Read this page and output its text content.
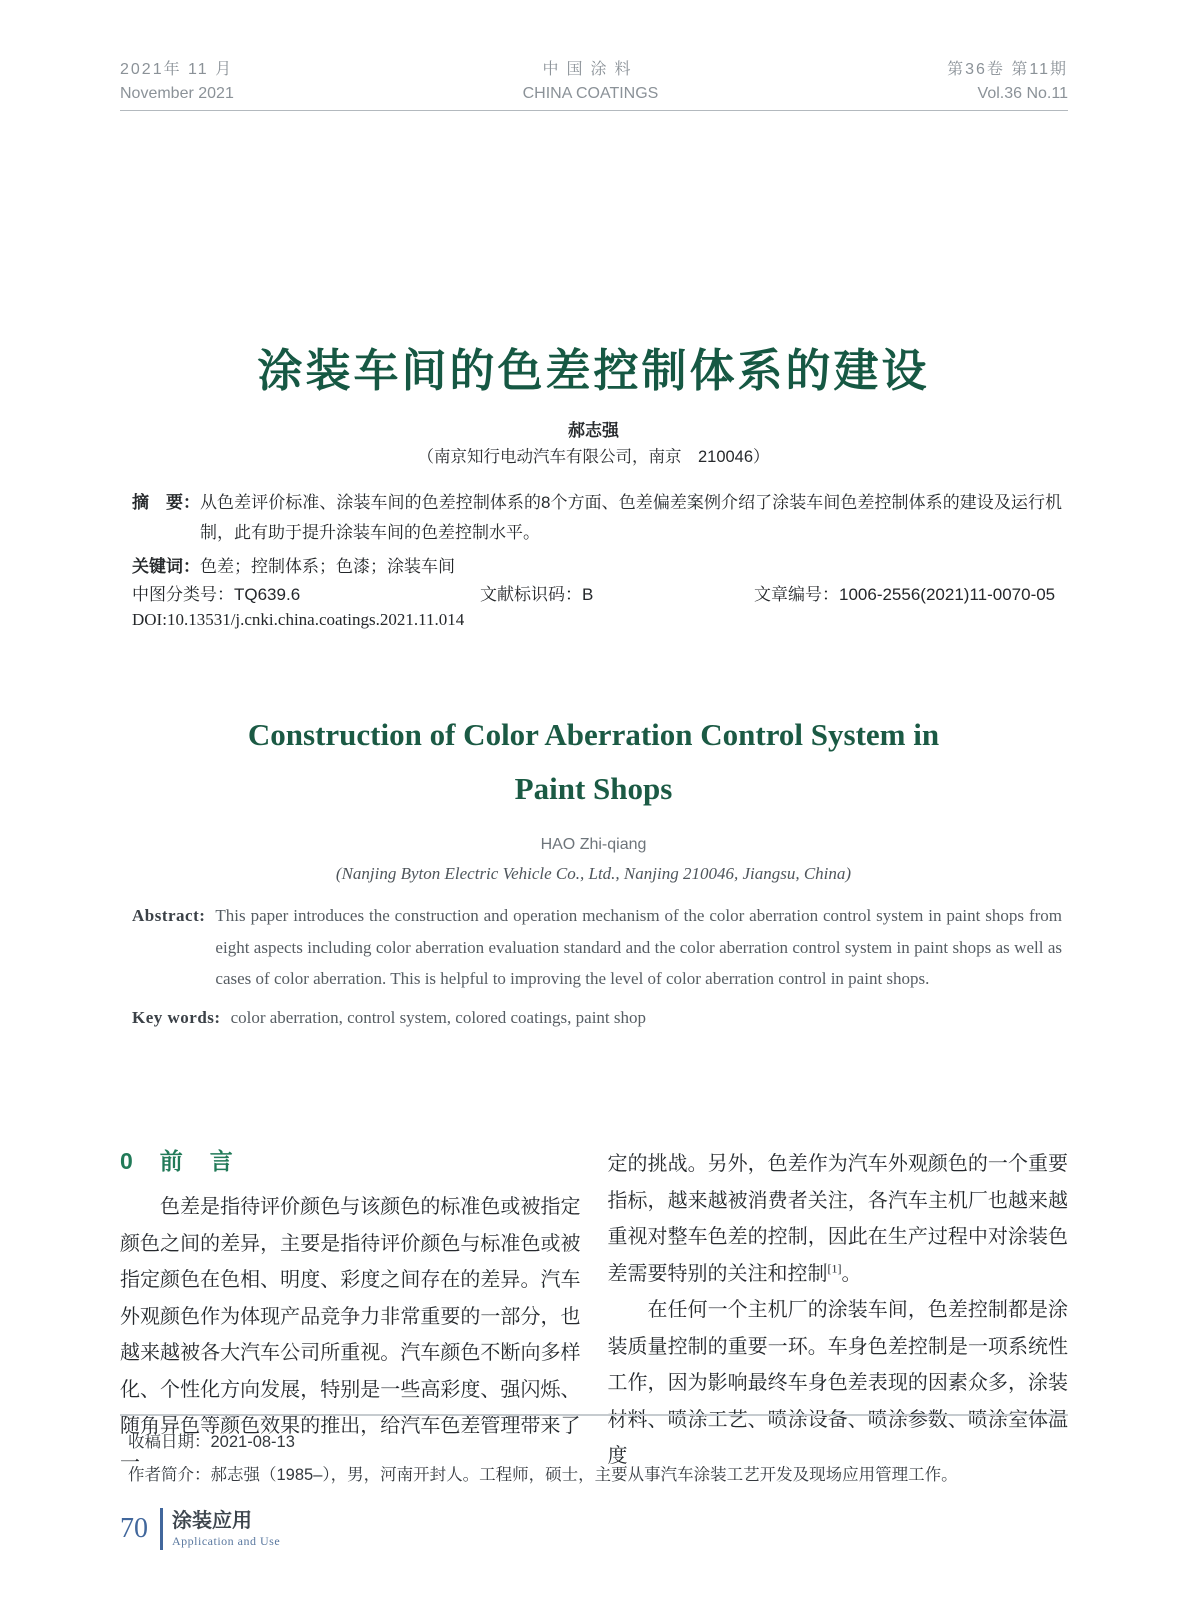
2021年 11 月
November 2021
中国涂料
CHINA COATINGS
第36卷 第11期
Vol.36 No.11
涂装车间的色差控制体系的建设
郝志强
（南京知行电动汽车有限公司，南京　210046）
摘　要： 从色差评价标准、涂装车间的色差控制体系的8个方面、色差偏差案例介绍了涂装车间色差控制体系的建设及运行机制，此有助于提升涂装车间的色差控制水平。
关键词： 色差；控制体系；色漆；涂装车间
中图分类号：TQ639.6	文献标识码：B	文章编号：1006-2556(2021)11-0070-05
DOI:10.13531/j.cnki.china.coatings.2021.11.014
Construction of Color Aberration Control System in
Paint Shops
HAO Zhi-qiang
(Nanjing Byton Electric Vehicle Co., Ltd., Nanjing 210046, Jiangsu, China)
Abstract: This paper introduces the construction and operation mechanism of the color aberration control system in paint shops from eight aspects including color aberration evaluation standard and the color aberration control system in paint shops as well as cases of color aberration. This is helpful to improving the level of color aberration control in paint shops.
Key words: color aberration, control system, colored coatings, paint shop
0　前　言

色差是指待评价颜色与该颜色的标准色或被指定颜色之间的差异，主要是指待评价颜色与标准色或被指定颜色在色相、明度、彩度之间存在的差异。汽车外观颜色作为体现产品竞争力非常重要的一部分，也越来越被各大汽车公司所重视。汽车颜色不断向多样化、个性化方向发展，特别是一些高彩度、强闪烁、随角异色等颜色效果的推出，给汽车色差管理带来了一

定的挑战。另外，色差作为汽车外观颜色的一个重要指标，越来越被消费者关注，各汽车主机厂也越来越重视对整车色差的控制，因此在生产过程中对涂装色差需要特别的关注和控制[1]。

在任何一个主机厂的涂装车间，色差控制都是涂装质量控制的重要一环。车身色差控制是一项系统性工作，因为影响最终车身色差表现的因素众多，涂装材料、喷涂工艺、喷涂设备、喷涂参数、喷涂室体温度

收稿日期：2021-08-13
作者简介：郝志强（1985–），男，河南开封人。工程师，硕士，主要从事汽车涂装工艺开发及现场应用管理工作。
70 涂装应用
Application and Use
